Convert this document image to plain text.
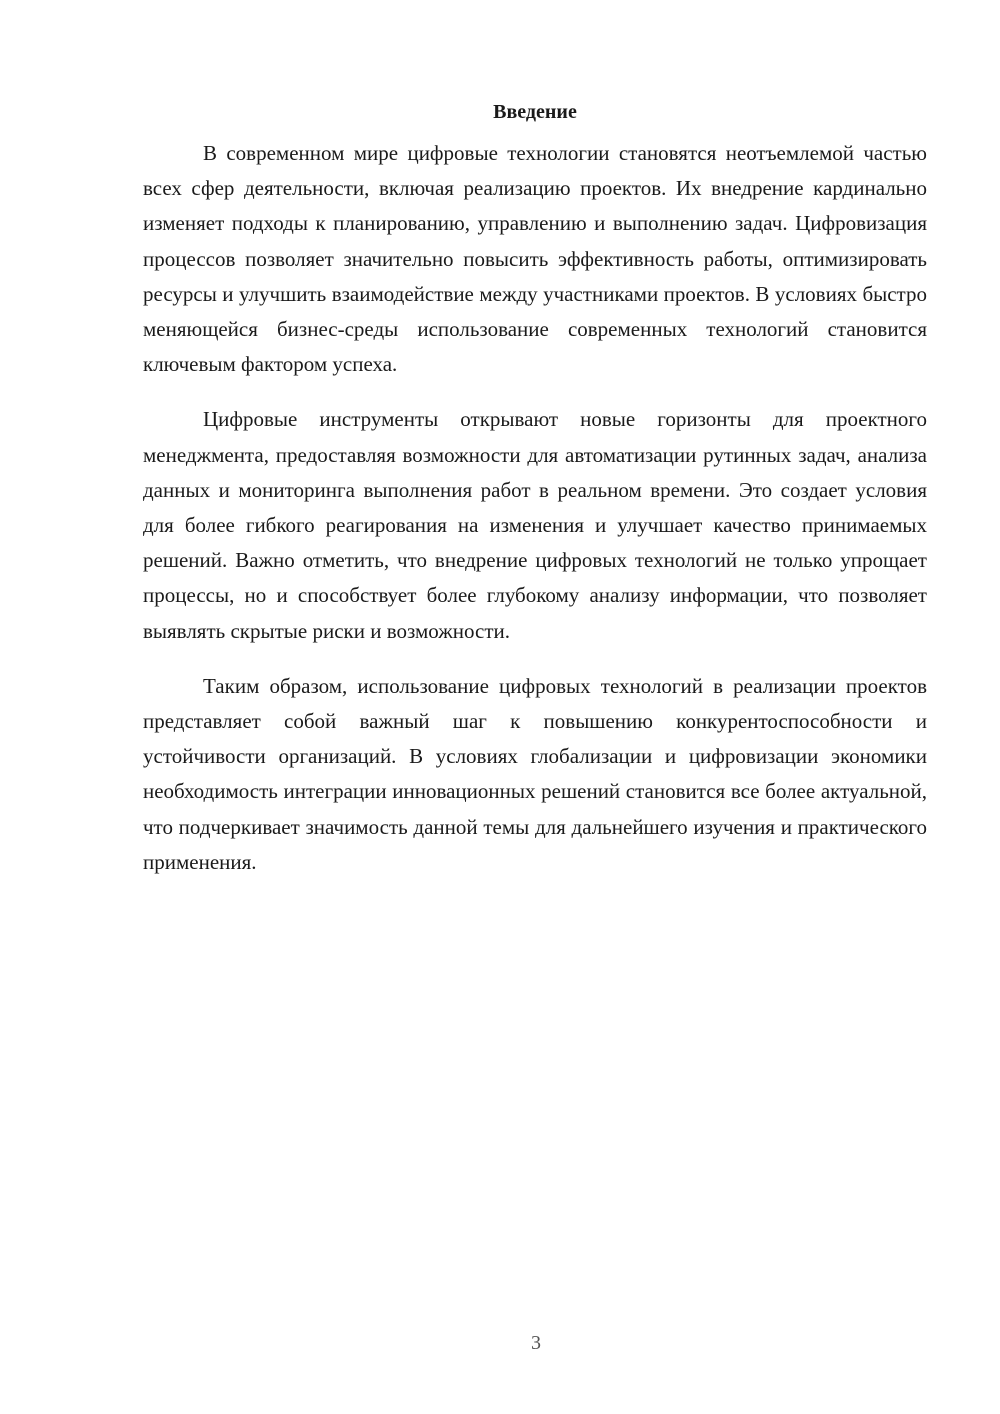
Введение

В современном мире цифровые технологии становятся неотъемлемой частью всех сфер деятельности, включая реализацию проектов. Их внедрение кардинально изменяет подходы к планированию, управлению и выполнению задач. Цифровизация процессов позволяет значительно повысить эффективность работы, оптимизировать ресурсы и улучшить взаимодействие между участниками проектов. В условиях быстро меняющейся бизнес-среды использование современных технологий становится ключевым фактором успеха.

Цифровые инструменты открывают новые горизонты для проектного менеджмента, предоставляя возможности для автоматизации рутинных задач, анализа данных и мониторинга выполнения работ в реальном времени. Это создает условия для более гибкого реагирования на изменения и улучшает качество принимаемых решений. Важно отметить, что внедрение цифровых технологий не только упрощает процессы, но и способствует более глубокому анализу информации, что позволяет выявлять скрытые риски и возможности.

Таким образом, использование цифровых технологий в реализации проектов представляет собой важный шаг к повышению конкурентоспособности и устойчивости организаций. В условиях глобализации и цифровизации экономики необходимость интеграции инновационных решений становится все более актуальной, что подчеркивает значимость данной темы для дальнейшего изучения и практического применения.

3
